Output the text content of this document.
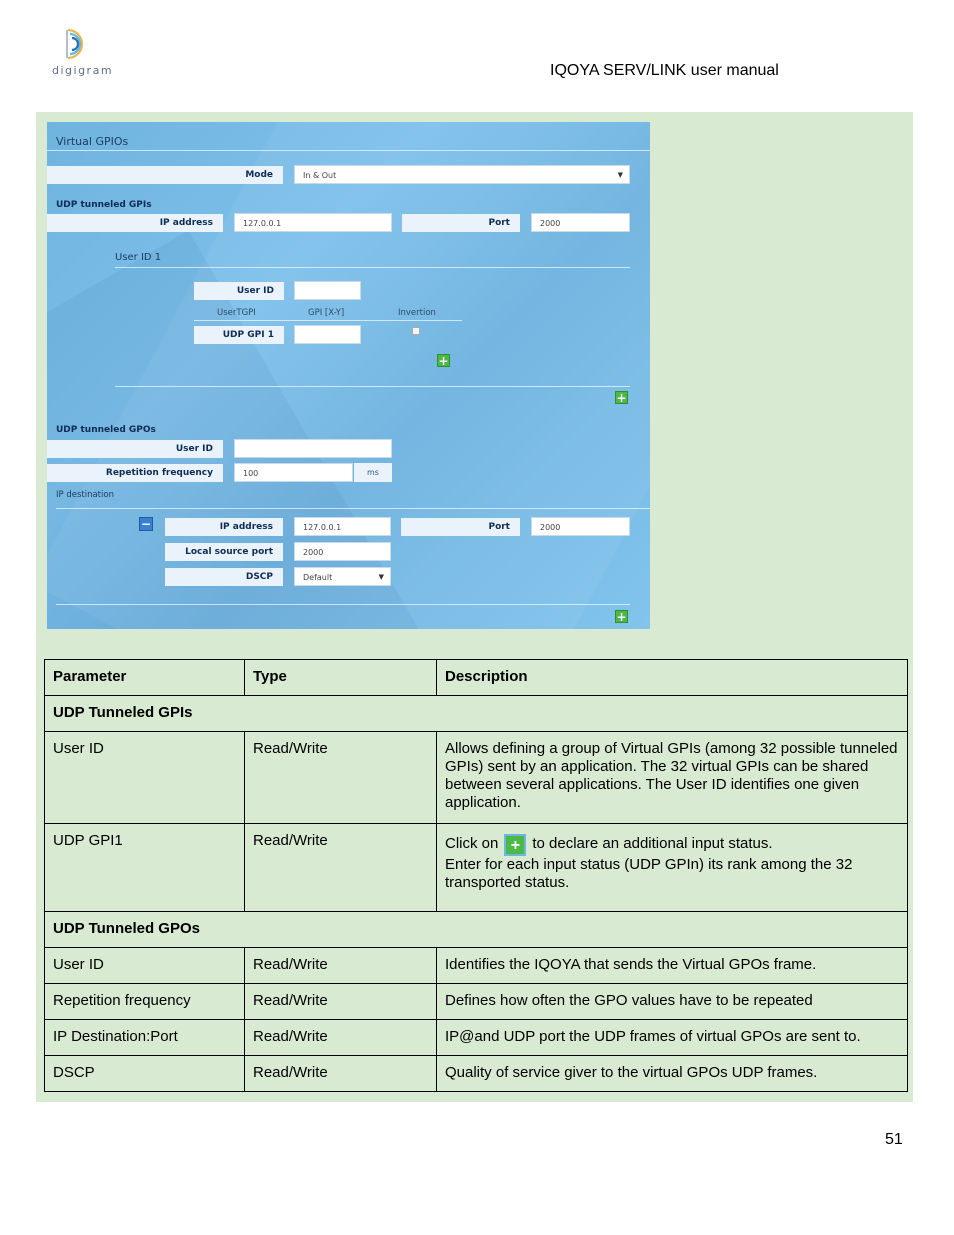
digigram	IQOYA SERV/LINK user manual
Virtual GPIOs
Mode	In & Out	▼
UDP tunneled GPIs
IP address	127.0.0.1	Port	2000
User ID 1
User ID
UserTGPI	GPI [X-Y]	Invertion
UDP GPI 1
+
+
UDP tunneled GPOs
User ID
Repetition frequency	100	ms
IP destination
−	IP address	127.0.0.1	Port	2000
Local source port	2000
DSCP	Default	▼
+
Parameter	Type	Description
UDP Tunneled GPIs		
User ID	Read/Write	Allows defining a group of Virtual GPIs (among 32 possible tunneled GPIs) sent by an application. The 32 virtual GPIs can be shared between several applications. The User ID identifies one given application.
UDP GPI1	Read/Write	Click on + to declare an additional input status.
Enter for each input status (UDP GPIn) its rank among the 32 transported status.
UDP Tunneled GPOs		
User ID	Read/Write	Identifies the IQOYA that sends the Virtual GPOs frame.
Repetition frequency	Read/Write	Defines how often the GPO values have to be repeated
IP Destination:Port	Read/Write	IP@and UDP port the UDP frames of virtual GPOs are sent to.
DSCP	Read/Write	Quality of service giver to the virtual GPOs UDP frames.
51
